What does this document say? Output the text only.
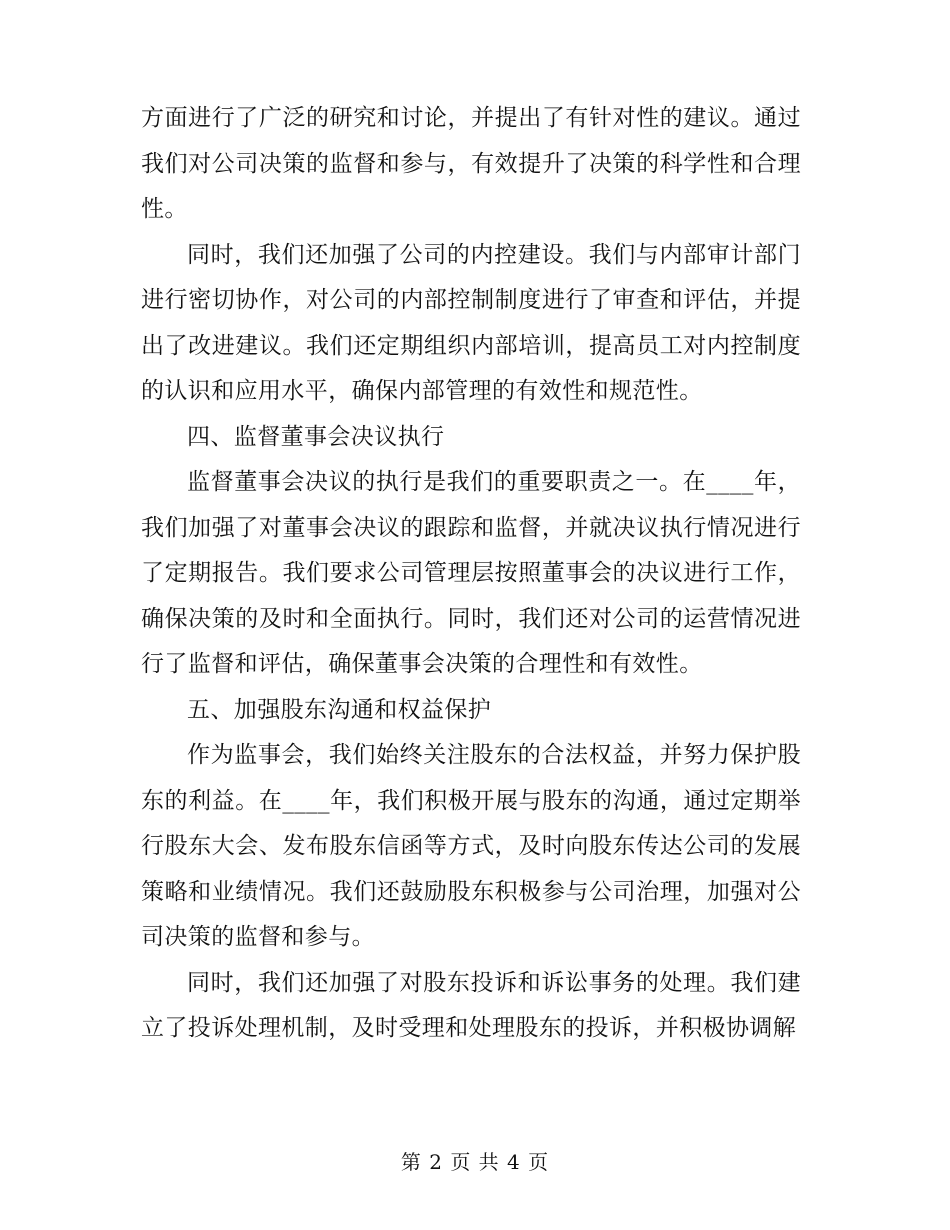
方面进行了广泛的研究和讨论，并提出了有针对性的建议。通过我们对公司决策的监督和参与，有效提升了决策的科学性和合理性。

同时，我们还加强了公司的内控建设。我们与内部审计部门进行密切协作，对公司的内部控制制度进行了审查和评估，并提出了改进建议。我们还定期组织内部培训，提高员工对内控制度的认识和应用水平，确保内部管理的有效性和规范性。

四、监督董事会决议执行

监督董事会决议的执行是我们的重要职责之一。在____年，我们加强了对董事会决议的跟踪和监督，并就决议执行情况进行了定期报告。我们要求公司管理层按照董事会的决议进行工作，确保决策的及时和全面执行。同时，我们还对公司的运营情况进行了监督和评估，确保董事会决策的合理性和有效性。

五、加强股东沟通和权益保护

作为监事会，我们始终关注股东的合法权益，并努力保护股东的利益。在____年，我们积极开展与股东的沟通，通过定期举行股东大会、发布股东信函等方式，及时向股东传达公司的发展策略和业绩情况。我们还鼓励股东积极参与公司治理，加强对公司决策的监督和参与。

同时，我们还加强了对股东投诉和诉讼事务的处理。我们建立了投诉处理机制，及时受理和处理股东的投诉，并积极协调解

第 2 页 共 4 页
